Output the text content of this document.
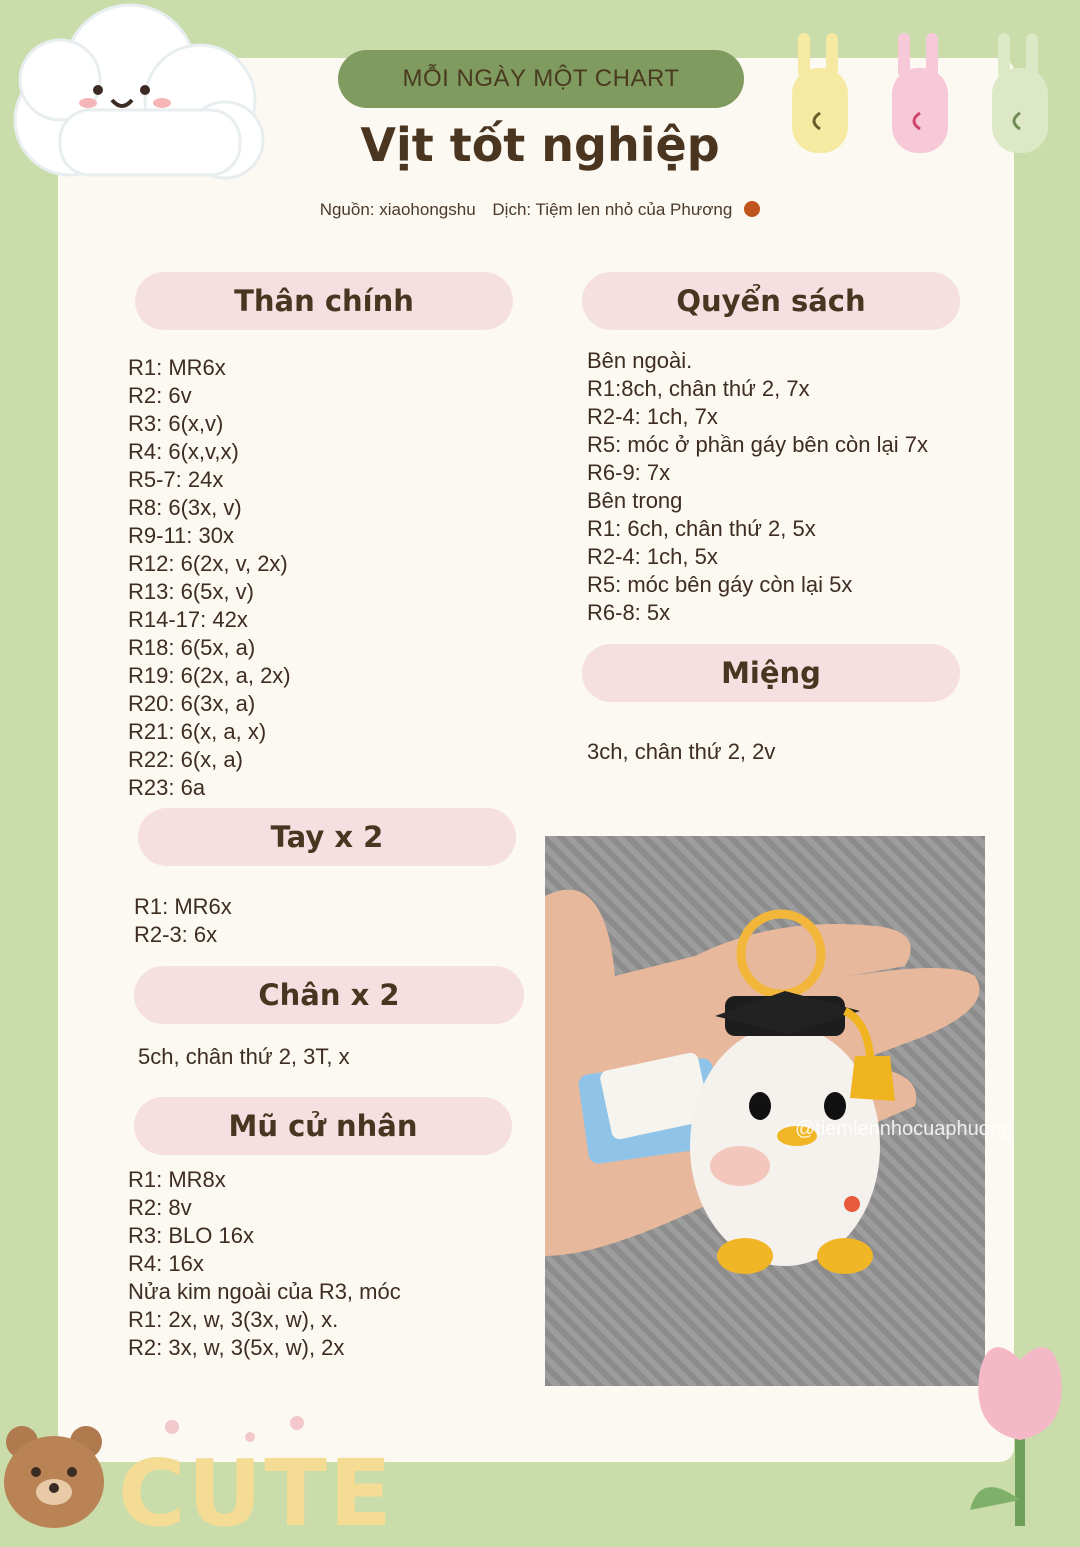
MỖI NGÀY MỘT CHART
Vịt tốt nghiệp
Nguồn: xiaohongshu Dịch: Tiệm len nhỏ của Phương
Thân chính
R1: MR6x
R2: 6v
R3: 6(x,v)
R4: 6(x,v,x)
R5-7: 24x
R8: 6(3x, v)
R9-11: 30x
R12: 6(2x, v, 2x)
R13: 6(5x, v)
R14-17: 42x
R18: 6(5x, a)
R19: 6(2x, a, 2x)
R20: 6(3x, a)
R21: 6(x, a, x)
R22: 6(x, a)
R23: 6a
Tay x 2
R1: MR6x
R2-3: 6x
Chân x 2
5ch, chân thứ 2, 3T, x
Mũ cử nhân
R1: MR8x
R2: 8v
R3: BLO 16x
R4: 16x
Nửa kim ngoài của R3, móc
R1: 2x, w, 3(3x, w), x.
R2: 3x, w, 3(5x, w), 2x
Quyển sách
Bên ngoài.
R1:8ch, chân thứ 2, 7x
R2-4: 1ch, 7x
R5: móc ở phần gáy bên còn lại 7x
R6-9: 7x
Bên trong
R1: 6ch, chân thứ 2, 5x
R2-4: 1ch, 5x
R5: móc bên gáy còn lại 5x
R6-8: 5x
Miệng
3ch, chân thứ 2, 2v
@tiemlennhocuaphuong
CUTE
